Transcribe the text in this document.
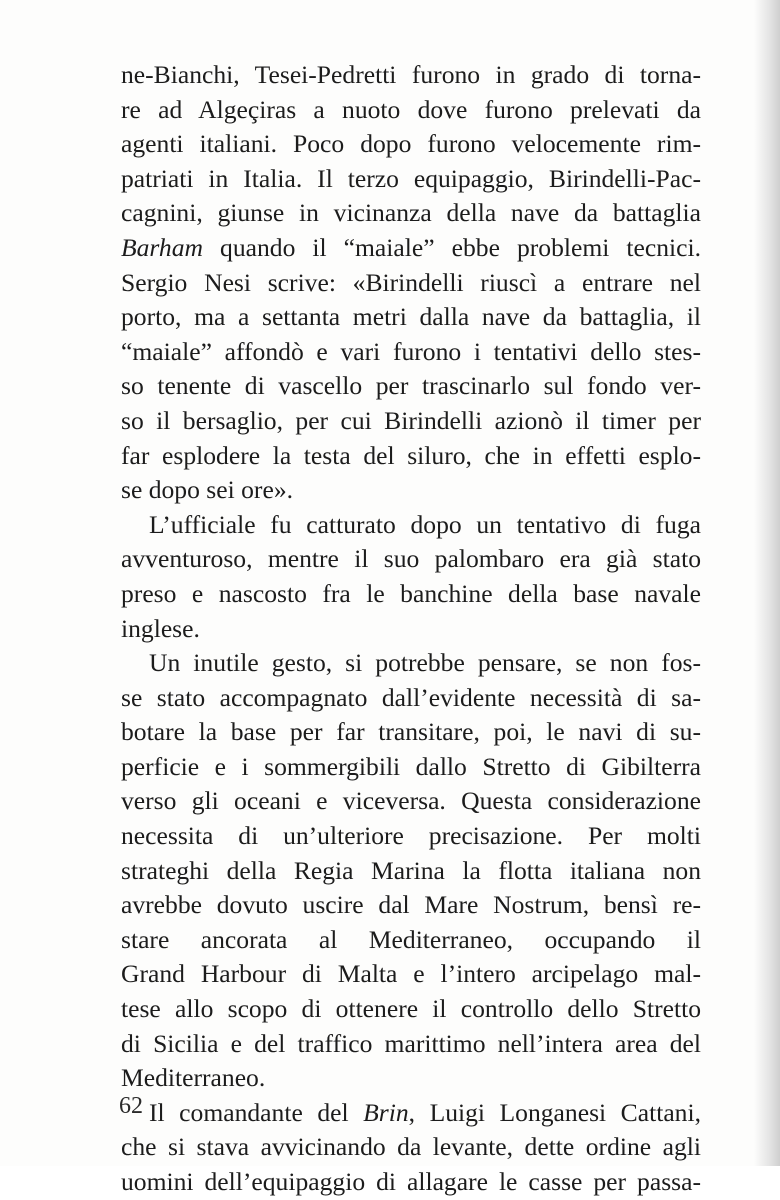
ne-Bianchi, Tesei-Pedretti furono in grado di torna-
re ad Algeçiras a nuoto dove furono prelevati da
agenti italiani. Poco dopo furono velocemente rim-
patriati in Italia. Il terzo equipaggio, Birindelli-Pac-
cagnini, giunse in vicinanza della nave da battaglia
Barham quando il “maiale” ebbe problemi tecnici.
Sergio Nesi scrive: «Birindelli riuscì a entrare nel
porto, ma a settanta metri dalla nave da battaglia, il
“maiale” affondò e vari furono i tentativi dello stes-
so tenente di vascello per trascinarlo sul fondo ver-
so il bersaglio, per cui Birindelli azionò il timer per
far esplodere la testa del siluro, che in effetti esplo-
se dopo sei ore».
L’ufficiale fu catturato dopo un tentativo di fuga
avventuroso, mentre il suo palombaro era già stato
preso e nascosto fra le banchine della base navale
inglese.
Un inutile gesto, si potrebbe pensare, se non fos-
se stato accompagnato dall’evidente necessità di sa-
botare la base per far transitare, poi, le navi di su-
perficie e i sommergibili dallo Stretto di Gibilterra
verso gli oceani e viceversa. Questa considerazione
necessita di un’ulteriore precisazione. Per molti
strateghi della Regia Marina la flotta italiana non
avrebbe dovuto uscire dal Mare Nostrum, bensì re-
stare ancorata al Mediterraneo, occupando il
Grand Harbour di Malta e l’intero arcipelago mal-
tese allo scopo di ottenere il controllo dello Stretto
di Sicilia e del traffico marittimo nell’intera area del
Mediterraneo.
Il comandante del Brin, Luigi Longanesi Cattani,
che si stava avvicinando da levante, dette ordine agli
uomini dell’equipaggio di allagare le casse per passa-
62
